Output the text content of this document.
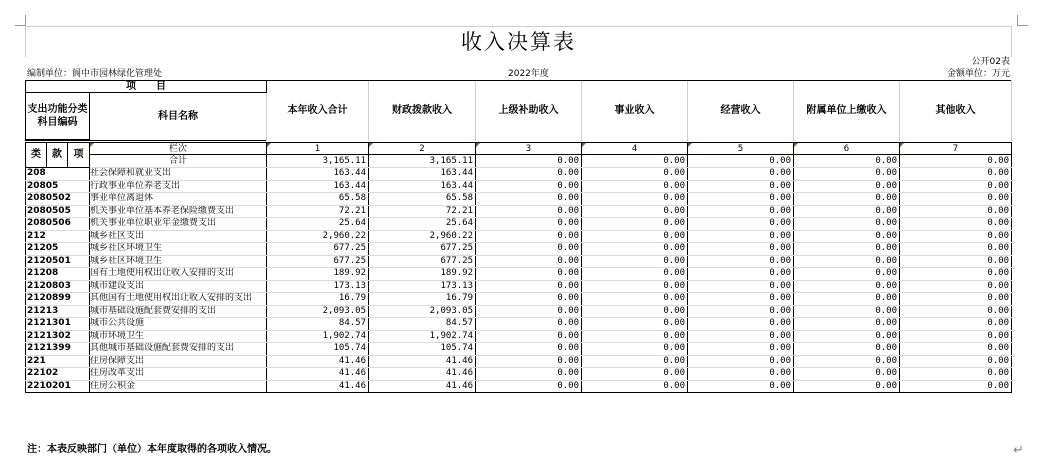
收入决算表
公开02表
编制单位：阆中市园林绿化管理处	2022年度	金额单位：万元
项　　目				本年收入合计	财政拨款收入	上级补助收入	事业收入	经营收入	附属单位上缴收入	其他收入
支出功能分类科目编码			科目名称							

类	款	项	栏次	1	2	3	4	5	6	7
			合计	3,165.11	3,165.11	0.00	0.00	0.00	0.00	0.00
208			社会保障和就业支出	163.44	163.44	0.00	0.00	0.00	0.00	0.00
20805			行政事业单位养老支出	163.44	163.44	0.00	0.00	0.00	0.00	0.00
2080502			事业单位离退休	65.58	65.58	0.00	0.00	0.00	0.00	0.00
2080505			机关事业单位基本养老保险缴费支出	72.21	72.21	0.00	0.00	0.00	0.00	0.00
2080506			机关事业单位职业年金缴费支出	25.64	25.64	0.00	0.00	0.00	0.00	0.00
212			城乡社区支出	2,960.22	2,960.22	0.00	0.00	0.00	0.00	0.00
21205			城乡社区环境卫生	677.25	677.25	0.00	0.00	0.00	0.00	0.00
2120501			城乡社区环境卫生	677.25	677.25	0.00	0.00	0.00	0.00	0.00
21208			国有土地使用权出让收入安排的支出	189.92	189.92	0.00	0.00	0.00	0.00	0.00
2120803			城市建设支出	173.13	173.13	0.00	0.00	0.00	0.00	0.00
2120899			其他国有土地使用权出让收入安排的支出	16.79	16.79	0.00	0.00	0.00	0.00	0.00
21213			城市基础设施配套费安排的支出	2,093.05	2,093.05	0.00	0.00	0.00	0.00	0.00
2121301			城市公共设施	84.57	84.57	0.00	0.00	0.00	0.00	0.00
2121302			城市环境卫生	1,902.74	1,902.74	0.00	0.00	0.00	0.00	0.00
2121399			其他城市基础设施配套费安排的支出	105.74	105.74	0.00	0.00	0.00	0.00	0.00
221			住房保障支出	41.46	41.46	0.00	0.00	0.00	0.00	0.00
22102			住房改革支出	41.46	41.46	0.00	0.00	0.00	0.00	0.00
2210201			住房公积金	41.46	41.46	0.00	0.00	0.00	0.00	0.00
注：本表反映部门（单位）本年度取得的各项收入情况。	↵
